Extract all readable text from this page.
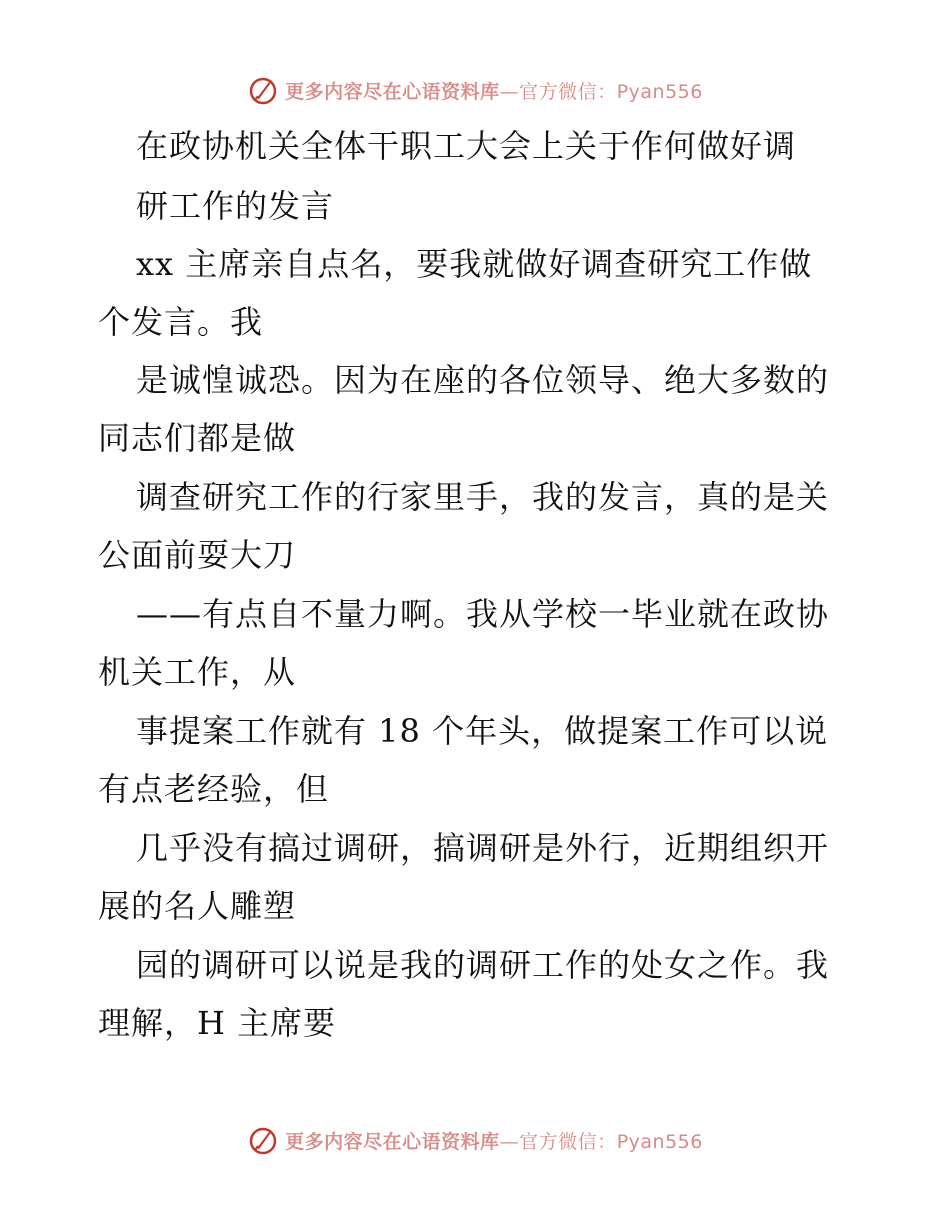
更多内容尽在心语资料库—官方微信：Pyan556
在政协机关全体干职工大会上关于作何做好调
研工作的发言
xx 主席亲自点名，要我就做好调查研究工作做
个发言。我
是诚惶诚恐。因为在座的各位领导、绝大多数的
同志们都是做
调查研究工作的行家里手，我的发言，真的是关
公面前耍大刀
——有点自不量力啊。我从学校一毕业就在政协
机关工作，从
事提案工作就有 18 个年头，做提案工作可以说
有点老经验，但
几乎没有搞过调研，搞调研是外行，近期组织开
展的名人雕塑
园的调研可以说是我的调研工作的处女之作。我
理解，H 主席要
更多内容尽在心语资料库—官方微信：Pyan556
